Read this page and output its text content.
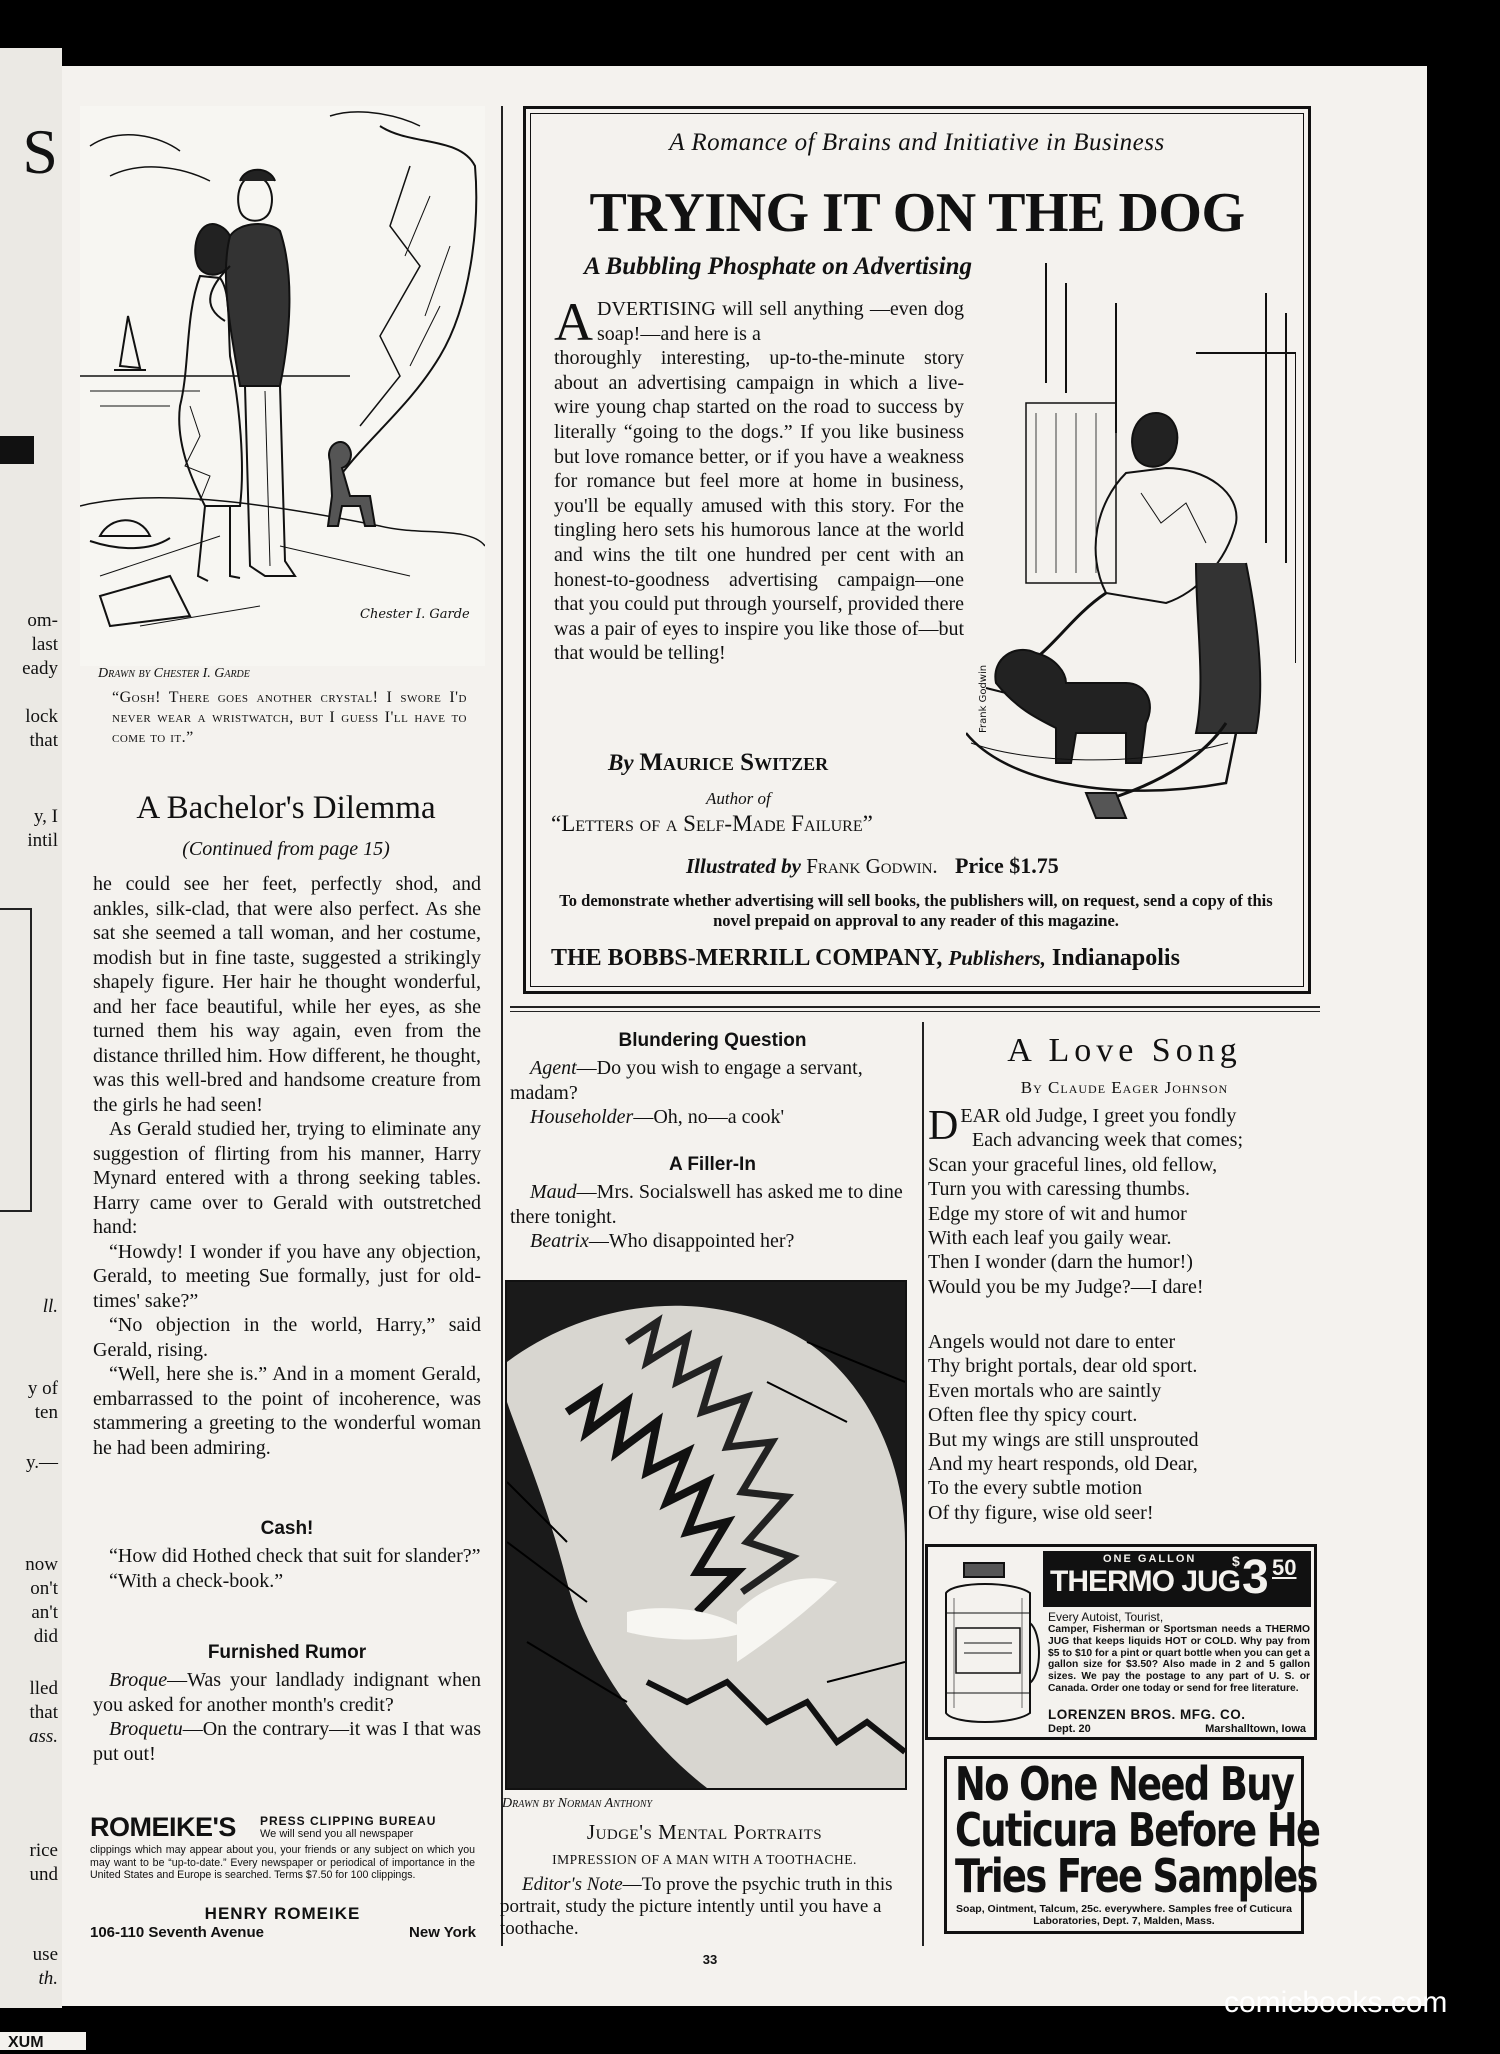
S
om-
last
eady
lock
that
y, I
intil
ll.
y of
ten
y.—
now
on't
an't
did
lled
that
ass.
rice
und
use
th.
Chester I. Garde
Drawn by Chester I. Garde
“Gosh! There goes another crystal! I swore I'd never wear a wristwatch, but I guess I'll have to come to it.”
A Bachelor's Dilemma
(Continued from page 15)

he could see her feet, perfectly shod, and ankles, silk-clad, that were also perfect. As she sat she seemed a tall woman, and her costume, modish but in fine taste, suggested a strikingly shapely figure. Her hair he thought wonderful, and her face beautiful, while her eyes, as she turned them his way again, even from the distance thrilled him. How different, he thought, was this well-bred and handsome creature from the girls he had seen!

As Gerald studied her, trying to eliminate any suggestion of flirting from his manner, Harry Mynard entered with a throng seeking tables. Harry came over to Gerald with outstretched hand:

“Howdy! I wonder if you have any objection, Gerald, to meeting Sue formally, just for old-times' sake?”

“No objection in the world, Harry,” said Gerald, rising.

“Well, here she is.” And in a moment Gerald, embarrassed to the point of incoherence, was stammering a greeting to the wonderful woman he had been admiring.

Cash!

“How did Hothed check that suit for slander?”

“With a check-book.”

Furnished Rumor

Broque—Was your landlady indignant when you asked for another month's credit?

Broquetu—On the contrary—it was I that was put out!

ROMEIKE'S PRESS CLIPPING BUREAU
We will send you all newspaper
clippings which may appear about you, your friends or any subject on which you may want to be “up-to-date.” Every newspaper or periodical of importance in the United States and Europe is searched. Terms $7.50 for 100 clippings.
HENRY ROMEIKE
106-110 Seventh Avenue	New York
A Romance of Brains and Initiative in Business
TRYING IT ON THE DOG
A Bubbling Phosphate on Advertising
A DVERTISING will sell anything —even dog soap!—and here is a
thoroughly interesting, up-to-the-minute story about an advertising campaign in which a live-wire young chap started on the road to success by literally “going to the dogs.” If you like business but love romance better, or if you have a weakness for romance but feel more at home in business, you'll be equally amused with this story. For the tingling hero sets his humorous lance at the world and wins the tilt one hundred per cent with an honest-to-goodness advertising campaign—one that you could put through yourself, provided there was a pair of eyes to inspire you like those of—but that would be telling!
Frank Godwin
By Maurice Switzer
Author of
“Letters of a Self-Made Failure”
Illustrated by Frank Godwin. Price $1.75
To demonstrate whether advertising will sell books, the publishers will, on request, send a copy of this novel prepaid on approval to any reader of this magazine.
THE BOBBS-MERRILL COMPANY, Publishers, Indianapolis
Blundering Question

Agent—Do you wish to engage a servant, madam?

Householder—Oh, no—a cook'

A Filler-In

Maud—Mrs. Socialswell has asked me to dine there tonight.

Beatrix—Who disappointed her?

Drawn by Norman Anthony
Judge's Mental Portraits
IMPRESSION OF A MAN WITH A TOOTHACHE.

Editor's Note—To prove the psychic truth in this portrait, study the picture intently until you have a toothache.

A Love Song
By Claude Eager Johnson
D EAR old Judge, I greet you fondly
Each advancing week that comes;
Scan your graceful lines, old fellow,
Turn you with caressing thumbs.
Edge my store of wit and humor
With each leaf you gaily wear.
Then I wonder (darn the humor!)
Would you be my Judge?—I dare!
Angels would not dare to enter
Thy bright portals, dear old sport.
Even mortals who are saintly
Often flee thy spicy court.
But my wings are still unsprouted
And my heart responds, old Dear,
To the every subtle motion
Of thy figure, wise old seer!
ONE GALLON
THERMO JUG
$ 3 50
Every Autoist, Tourist,
Camper, Fisherman or Sportsman needs a THERMO JUG that keeps liquids HOT or COLD. Why pay from $5 to $10 for a pint or quart bottle when you can get a gallon size for $3.50? Also made in 2 and 5 gallon sizes. We pay the postage to any part of U. S. or Canada. Order one today or send for free literature.
LORENZEN BROS. MFG. CO.
Dept. 20	Marshalltown, Iowa
No One Need Buy
Cuticura Before He
Tries Free Samples
Soap, Ointment, Talcum, 25c. everywhere. Samples free of Cuticura Laboratories, Dept. 7, Malden, Mass.
33
comicbooks.com
XUM
